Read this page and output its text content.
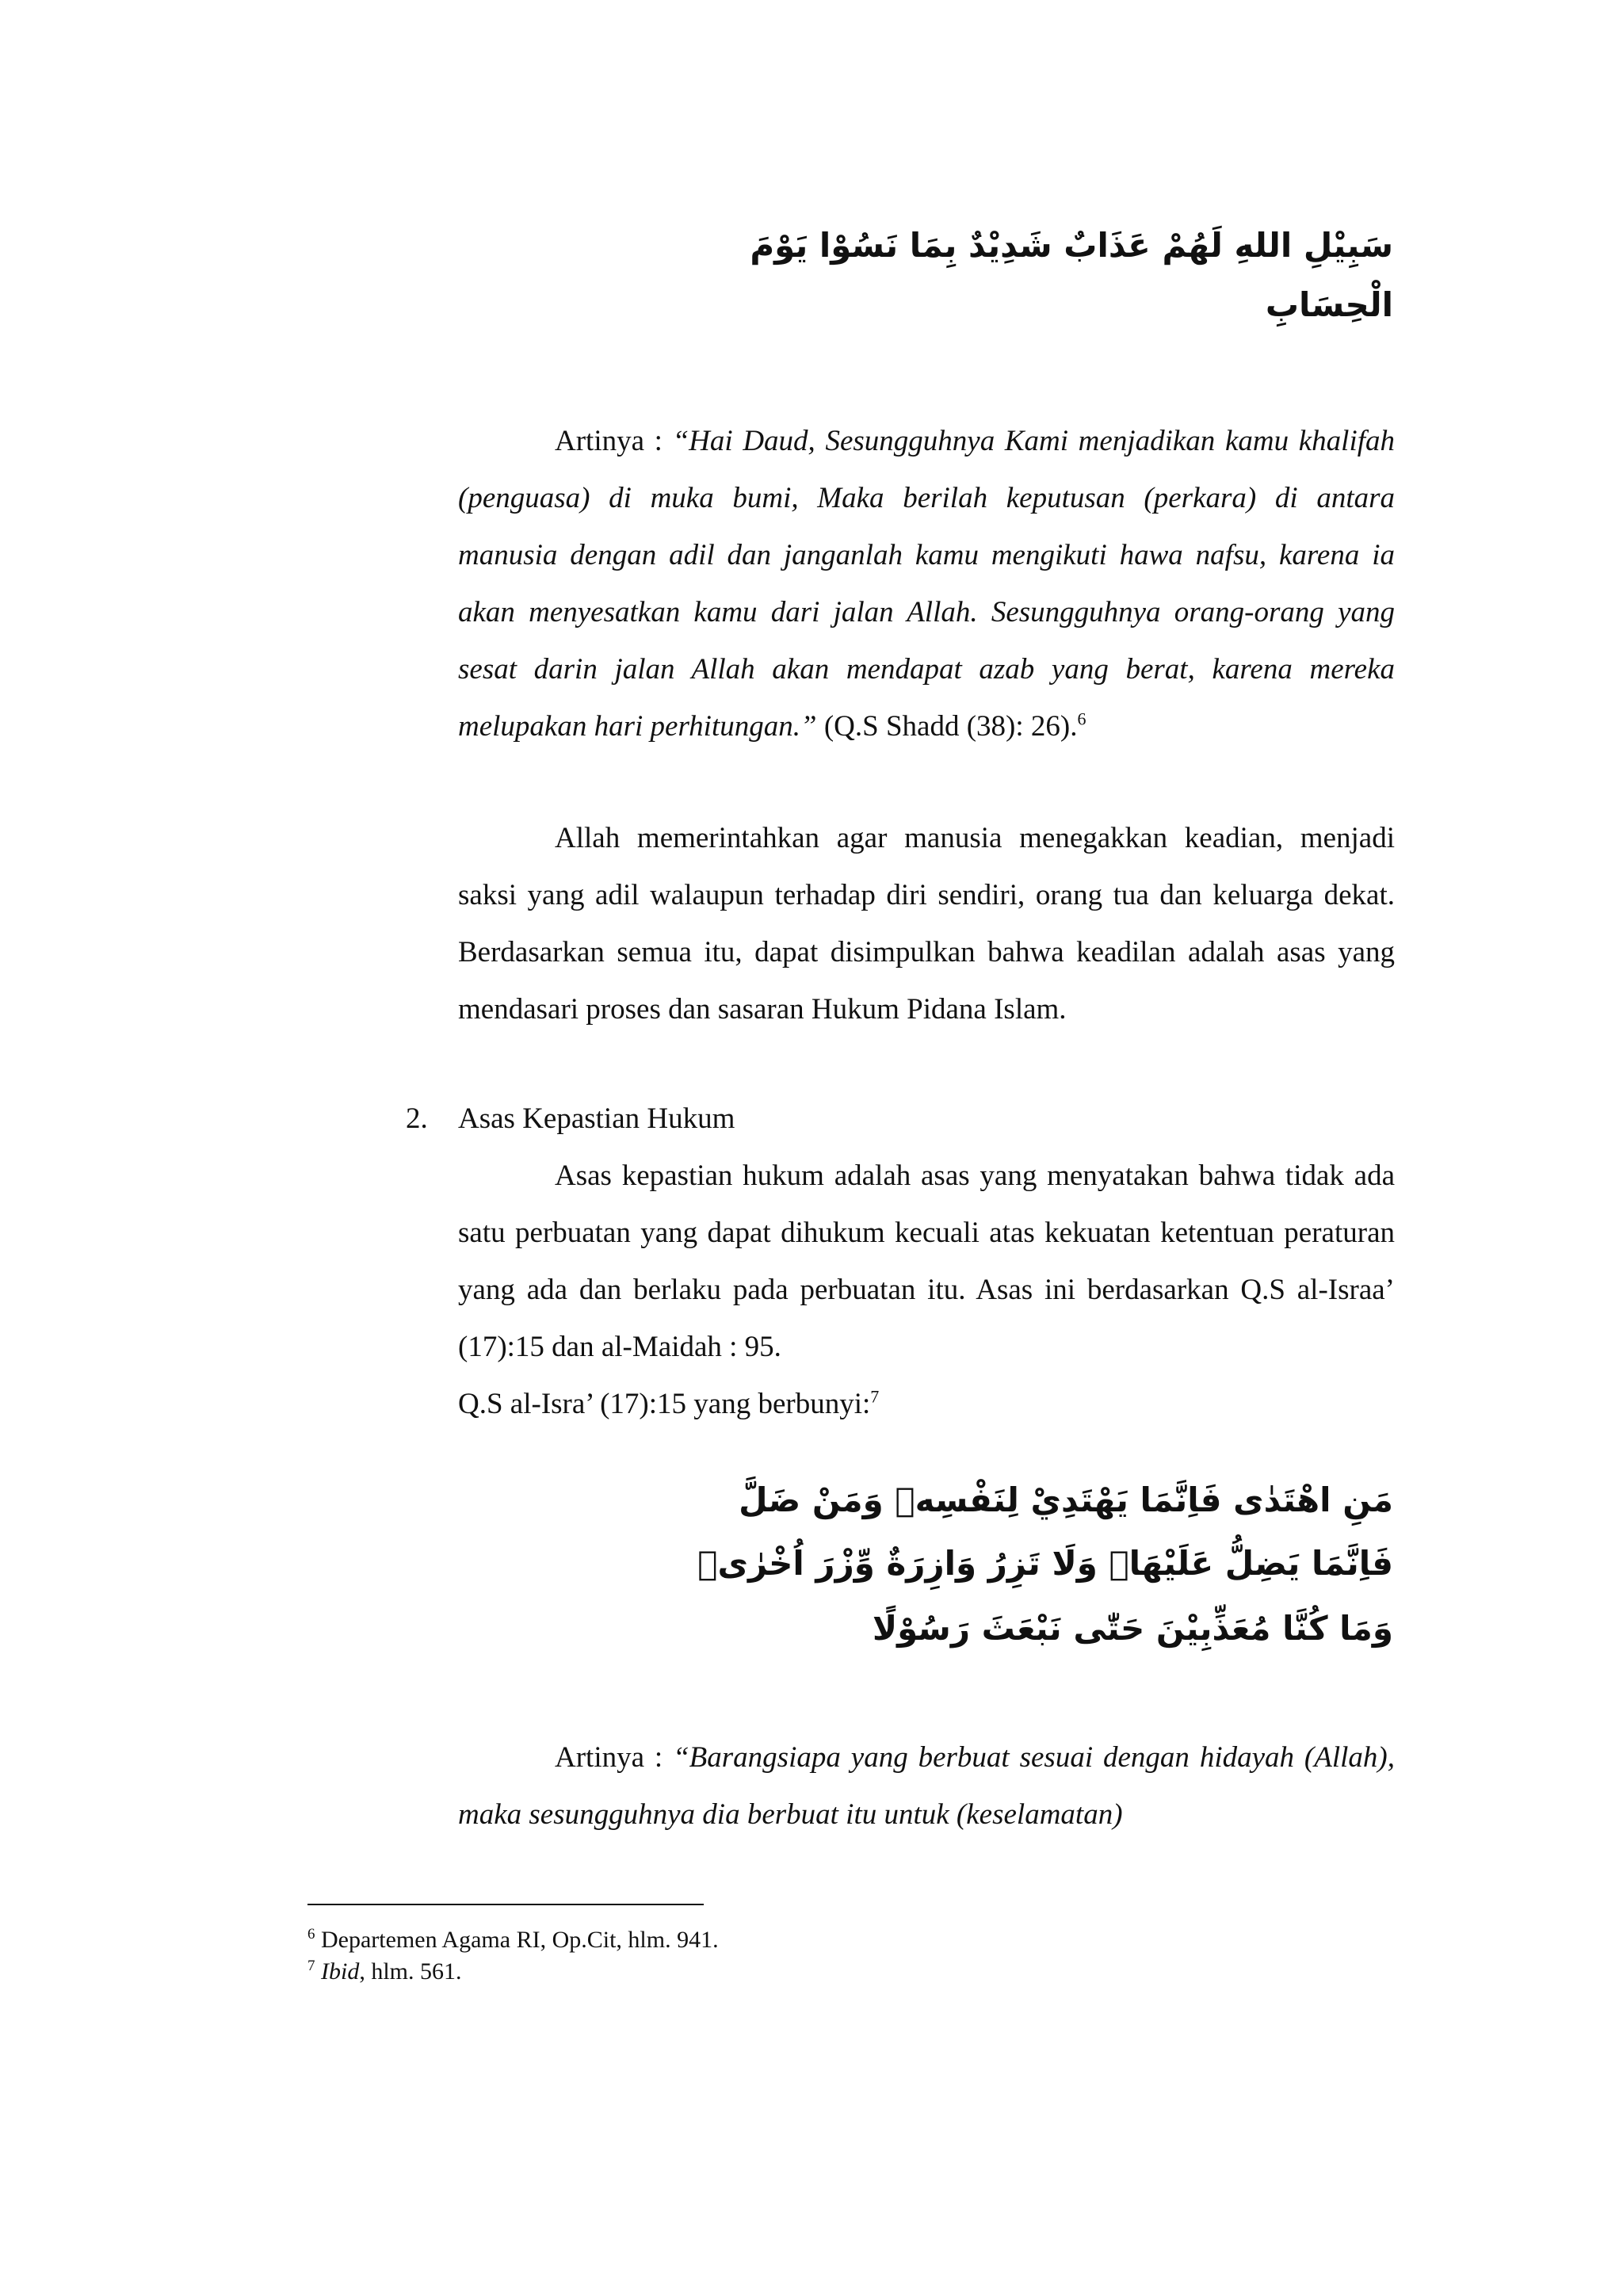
سَبِيْلِ اللهِ لَهُمْ عَذَابٌ شَدِيْدٌ بِمَا نَسُوْا يَوْمَ
الْحِسَابِ

Artinya : “Hai Daud, Sesungguhnya Kami menjadikan kamu khalifah (penguasa) di muka bumi, Maka berilah keputusan (perkara) di antara manusia dengan adil dan janganlah kamu mengikuti hawa nafsu, karena ia akan menyesatkan kamu dari jalan Allah. Sesungguhnya orang-orang yang sesat darin jalan Allah akan mendapat azab yang berat, karena mereka melupakan hari perhitungan.” (Q.S Shadd (38): 26).$^6$

Allah memerintahkan agar manusia menegakkan keadian, menjadi saksi yang adil walaupun terhadap diri sendiri, orang tua dan keluarga dekat. Berdasarkan semua itu, dapat disimpulkan bahwa keadilan adalah asas yang mendasari proses dan sasaran Hukum Pidana Islam.

2. Asas Kepastian Hukum

Asas kepastian hukum adalah asas yang menyatakan bahwa tidak ada satu perbuatan yang dapat dihukum kecuali atas kekuatan ketentuan peraturan yang ada dan berlaku pada perbuatan itu. Asas ini berdasarkan Q.S al-Israa’ (17):15 dan al-Maidah : 95.

Q.S al-Isra’ (17):15 yang berbunyi:$^7$
مَنِ اهْتَدٰى فَاِنَّمَا يَهْتَدِيْ لِنَفْسِهٖ وَمَنْ ضَلَّ
فَاِنَّمَا يَضِلُّ عَلَيْهَاۗ وَلَا تَزِرُ وَازِرَةٌ وِّزْرَ اُخْرٰىۗ
وَمَا كُنَّا مُعَذِّبِيْنَ حَتّٰى نَبْعَثَ رَسُوْلًا

Artinya : “Barangsiapa yang berbuat sesuai dengan hidayah (Allah), maka sesungguhnya dia berbuat itu untuk (keselamatan)

$^6$ Departemen Agama RI, Op.Cit, hlm. 941.
$^7$ Ibid, hlm. 561.
